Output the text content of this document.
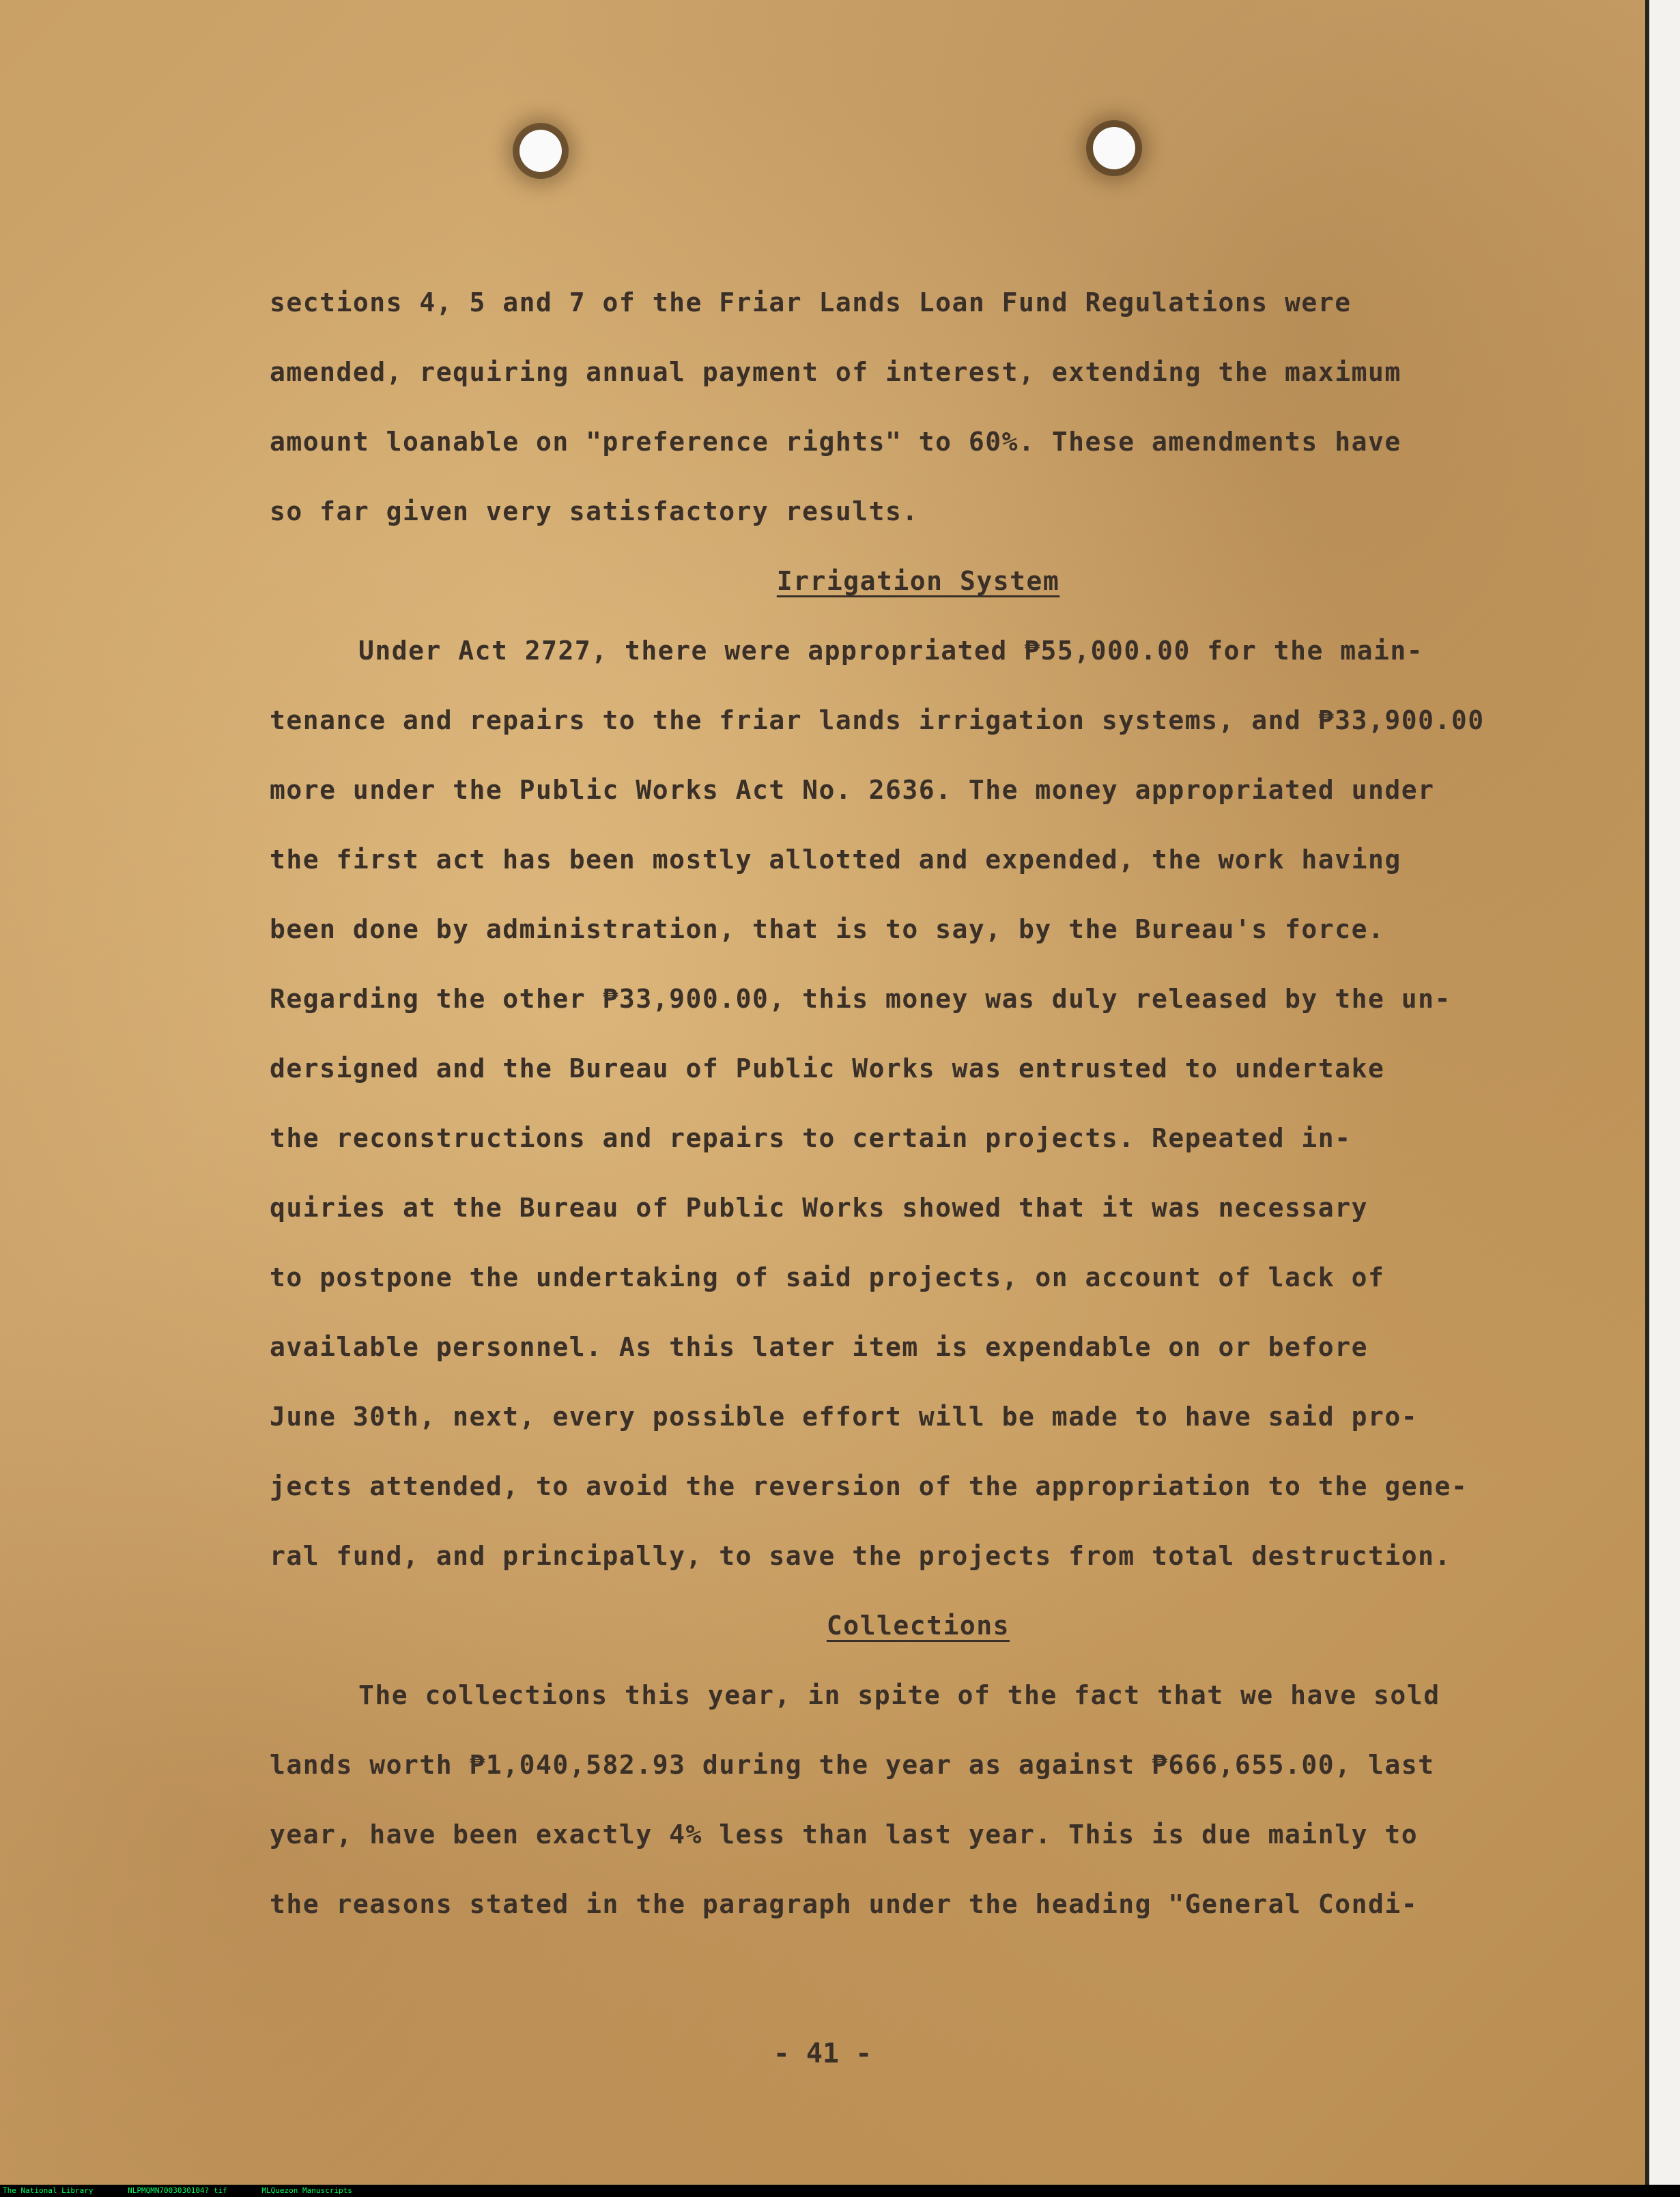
sections 4, 5 and 7 of the Friar Lands Loan Fund Regulations were
amended, requiring annual payment of interest, extending the maximum
amount loanable on "preference rights" to 60%. These amendments have
so far given very satisfactory results.
Irrigation System
Under Act 2727, there were appropriated ₱55,000.00 for the main-
tenance and repairs to the friar lands irrigation systems, and ₱33,900.00
more under the Public Works Act No. 2636. The money appropriated under
the first act has been mostly allotted and expended, the work having
been done by administration, that is to say, by the Bureau's force.
Regarding the other ₱33,900.00, this money was duly released by the un-
dersigned and the Bureau of Public Works was entrusted to undertake
the reconstructions and repairs to certain projects. Repeated in-
quiries at the Bureau of Public Works showed that it was necessary
to postpone the undertaking of said projects, on account of lack of
available personnel. As this later item is expendable on or before
June 30th, next, every possible effort will be made to have said pro-
jects attended, to avoid the reversion of the appropriation to the gene-
ral fund, and principally, to save the projects from total destruction.
Collections
The collections this year, in spite of the fact that we have sold
lands worth ₱1,040,582.93 during the year as against ₱666,655.00, last
year, have been exactly 4% less than last year. This is due mainly to
the reasons stated in the paragraph under the heading "General Condi-
- 41 -
The National Library	NLPMQMN7003030104? tif	MLQuezon Manuscripts
